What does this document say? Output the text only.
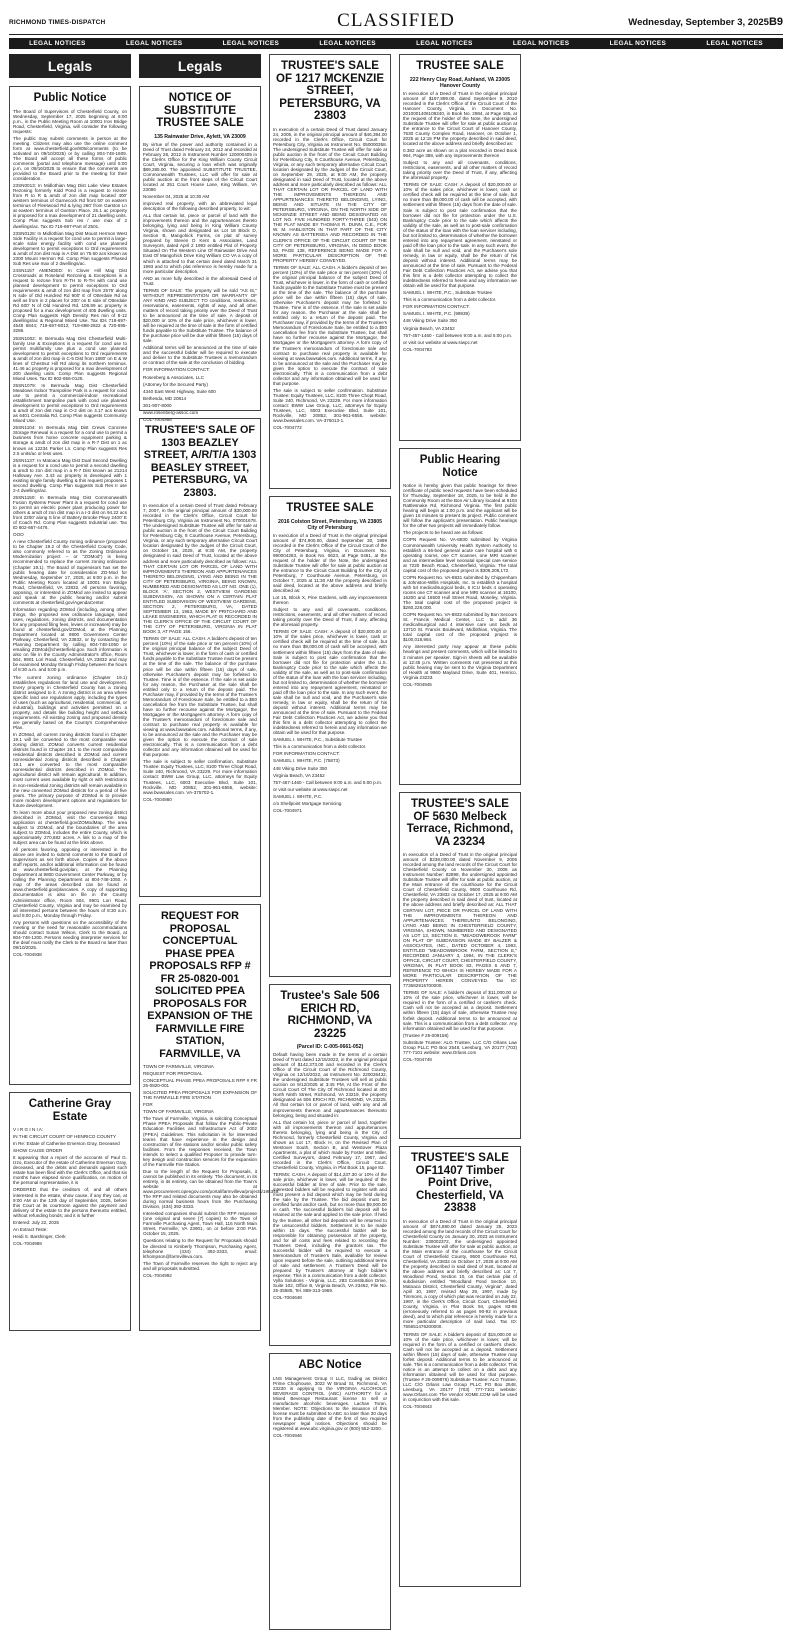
RICHMOND TIMES-DISPATCH	CLASSIFIED	Wednesday, September 3, 2025B9
LEGAL NOTICES	LEGAL NOTICES	LEGAL NOTICES	LEGAL NOTICES	LEGAL NOTICES	LEGAL NOTICES	LEGAL NOTICES	LEGAL NOTICES
Legals
Public Notice

The Board of Supervisors of Chesterfield County, on Wednesday, September 17, 2025 beginning at 6:00 p.m., in the Public Meeting Room at 10001 Iron Bridge Road, Chesterfield, Virginia, will consider the following requests:

The public may submit comments in person at the meeting. Citizens may also use the online comment form at www.chesterfield.gov/805/comments (to be activated on 09/10/2025) or by calling 804-748-1609. The Board will accept all these forms of public comments (portal and telephone message) until 5:00 p.m. on 09/16/2025 to ensure that the comments are provided to the Board prior to the meeting for their consideration.

23SN0013: In Midlothian Mag Dist Lake View Estates Rezoning formerly Kidd Pond is a request to rezone from R to R & amdt of zon dist map located 400' western terminus of Garnecock Rd front 50' on eastern terminus of Fleetwood Rd & lying 260' from Garston Ln at eastern terminus of Garston Place. 25.1 ac property is proposed for a max development of 21 dwelling units. Comp Plan suggests Sub res / use max of 2 dwellings/ac. Tax ID 716-697-Part of 2501.

23SN0128: In Midlothian Mag Dist Mount Hermon West Side Facility is a request for cond use to permit a large-scale solar energy facility with cond use planned development to permit exceptions to Ord requirements & amdt of zon dist map in A Dist on 75.60 acs known as 2300 Mount Hermon Rd. Comp Plan suggests Phased Sub Res use max of 2 dwellings/ac.

24SN1157 AMENDED: In Clover Hill Mag Dist Crossroads at Roseland Rezoning & Exceptions is a request to rezone from R-TH to R-TH with cond use planned development to permit exceptions to Ord requirements & amdt of zon dist map from 2575' along N side of Old Hundred Rd 900' E of Otterdale Rd as well as from in 2 places for 200' on E side of Otterdale Rd 600' N of Old Hundred Rd. 106.99 ac property is proposed for a max development of 405 dwelling units. Comp Plan suggests High Density Res min of 8-12 dwellings/ac & Regional Mixed Use. Tax IDs 718-697-4548 6844; 719-697-8012; 719-698-2822 & 720-695-3286.

25SN1002: In Bermuda Mag Dist Chesterfield Multi-family Use & Exceptions is a request for cond use to permit multifamily use plus a cond use planned development to permit exceptions to Ord requirements & amdt of zon dist map in C-5 Dist from 1880' on E & W lines of Chestnut Hill Rd along its northern terminus. 41.46 ac property is proposed for a max development of 200 dwelling units. Comp Plan suggests Regional Mixed Uses. Tax ID 802-656-0125.

25SN1079: In Bermuda Mag Dist Chesterfield Meadows Indoor Trampoline Park is a request for cond use to permit a commercial-indoor recreational establishment trampoline park with cond use planned development to permit exceptions to Ord requirements & amdt of zon dist map in O-2 dist on 4.17 acs known as 6401 Centralia Rd. Comp Plan suggests Community Mixed Use.

25SN1104: In Bermuda Mag Dist Crews Concrete Storage Renewal is a request for a cond use to permit a business from home concrete equipment parking & storage & amdt of zon dist map in a R-7 Dist on 1 ac known as 12234 Parker Ln. Comp Plan suggests Res 2.5 units/ac or less uses.

25SN1137: In Matoaca Mag Dist Dual Second Dwelling is a request for a cond use to permit a second dwelling & amdt to zon dist map in a R-7 Dist known as 21214 Halloway Ave. 3.43 ac property is developed with 1 existing single family dwelling & this request proposes 1 second dwelling. Comp Plan suggests Sub Res II use 2-4 dwellings/ac.

25SN1150: In Bermuda Mag Dist Commonwealth Fusion Systems Power Plant is a request for cond use to permit an electric power plant producing power for others & amdt of zon dist map in a I-3 dist on 94.22 acs front 2200' along S line of Battery Brooke Pkwy 2400' E of Coach Rd. Comp Plan suggests Industrial use. Tax ID 802-667-4476.

OOO

A new Chesterfield County zoning ordinance (proposed to be Chapter 19.2 of the Chesterfield County Code, also commonly referred to as the Zoning Ordinance Modernization project -- or "ZOMod") is being recommended to replace the current zoning ordinance (Chapter 19.1). The Board of Supervisors has set the public hearing date for consideration ZO-Mod for Wednesday, September 17, 2025, at 6:00 p.m. in the Public Meeting Room located at 10001 Iron Bridge Road, Chesterfield, VA 23832. All persons favoring, opposing, or interested in ZOMod are invited to appear and speak at the public hearing and/or submit comments at chesterfield.gov/AgendaCenter.

Information regarding ZOMod (including, among other things, the proposed new ordinance language, land uses, regulations, zoning districts, and documentation for any proposed filing fees, levies or increases) may be found at chesterfield.gov/ZOMod, at the Planning Department located at 9800 Government Center Parkway, Chesterfield, VA 23832, or by contacting the Planning Department by calling 804-748-1050 or emailing ZOMod@chesterfield.gov. Such information is also on file in the County Administrator's office, Room 504, 9901 Lori Road, Chesterfield, VA 23832 and may be examined Monday through Friday between the hours of 8:30 a.m. and 5:00 p.m.

The current zoning ordinance (Chapter 19.1) establishes regulations for land use and development. Every property in Chesterfield County has a zoning district assigned to it. A zoning district is an area where specific land use regulations apply, including the types of uses (such as agricultural, residential, commercial, or industrial), buildings and activities permitted on a property, and details like building height and setback requirements. All existing zoning and proposed density are generally based on the County's Comprehensive Plan.

In ZOMod, all current zoning districts found in Chapter 19.1 will be converted to the most comparable new zoning district. ZOMod converts current residential districts found in Chapter 19.1 to the most comparable residential districts described in ZOMod and current nonresidential zoning districts described in Chapter 19.1 are converted to the most comparable nonresidential districts described in ZOMod. The agricultural district will remain agricultural. In addition, most current uses available by right or with restrictions in non-residential zoning districts will remain available in the new converted ZOMod districts for a period of five years. The primary purpose of ZOMod is to provide more modern development options and regulations for future development.

To learn more about your proposed new zoning district described in ZOMod, visit the Conversion Map application at chesterfield.gov/ZOModMap. The area subject to ZOMod, and the boundaries of the area subject to ZOMod, includes the entire County, which is approximately 270,682 acres. A link to a map of the subject area can be found at the links above.

All persons favoring, opposing or interested in the above are invited to submit comments to the Board of Supervisors as set forth above. Copies of the above staff reports, and/or additional information can be found at www.chesterfield.gov/plan, at the Planning Department at 9800 Government Center Parkway, or by calling the Planning Department at 804-748-1050. A map of the areas described can be found at www.chesterfield.gov/plancases. A copy of supporting documentation is also on file in the County Administrator office, Room 504, 9901 Lori Road, Chesterfield County, Virginia and may be examined by all interested persons between the hours of 8:30 a.m. and 5:00 p.m., Monday through Friday.

Any persons with questions on the accessibility of the meeting or the need for reasonable accommodations should contact Susan Wilson, Clerk to the Board, at 804-748-1200. Persons needing interpreter services for the deaf must notify the Clerk to the Board no later than 09/10/2025.

COL-7004938
Catherine Gray Estate

V I R G I N I A:

IN THE CIRCUIT COURT OF HENRICO COUNTY

In Re: Estate of Catherine Emerson Gray, Deceased

SHOW CAUSE ORDER

It appearing that a report of the accounts of Paul G. Izzo, Executor of the estate of Catherine Emerson Gray, deceased, and the debts and demands against such estate has been filed with the Clerk's Office, and that six months have elapsed since qualification, on motion of the personal representative, it is

ORDERED that the creditors of, and all others interested in the estate, show cause, if any they can, at 9:00 AM on the 12th day of September, 2025, before this Court at its courtroom against the payment and delivery of the estate to the persons thereunto entitled, without refunding bonds; and it is further

Entered: July 22, 2025

An Extract Teste:

Heidi S. Barshinger, Clerk

COL-7004969
Legals
NOTICE OF SUBSTITUTE TRUSTEE SALE
135 Rainwater Drive, Aylett, VA 23009

By virtue of the power and authority contained in a Deed of Trust dated February 24, 2012 and recorded at February 28, 2012 in Instrument Number 120000405 in the Clerk's Office for the King William County Circuit Court, Virginia, securing a loan which was originally $89,285.00. The appointed SUBSTITUTE TRUSTEE, Commonwealth Trustees, LLC will offer for sale at public auction at the front steps of the Circuit Court located at 351 Court House Lane, King William, VA 23086

November 04, 2025 at 10:30 AM

improved real property, with an abbreviated legal description of the following described property, to wit:

ALL that certain lot, piece or parcel of land with the improvements thereon and the appurtenances thereto belonging, lying and being in King William County Virginia, shown and designated as Lot 18 Block D, Section B, Mangohick Farms, on plat of survey prepared by Steven D Kent & Associates, Land Surveyors, dated April 2 1993 entitled Plat of Property Situated On The Western Line Of Rainwater Drive And East Of Mangohick Drive King William CO VA a copy of which is attached to that certain deed dated March 31 1993 and to which plat reference is hereby made for a more particular description.

AND as more fully described in the aforesaid Deed of Trust.

TERMS OF SALE: The property will be sold "AS IS," WITHOUT REPRESENTATION OR WARRANTY OF ANY KIND AND SUBJECT TO conditions, restrictions, reservations, easements, rights of way, and all other matters of record taking priority over the Deed of Trust to be announced at the time of sale. A deposit of $20,000 or 10% of the sale price, whichever is lower, will be required at the time of sale in the form of certified funds payable to the Substitute Trustee. The balance of the purchase price will be due within fifteen (15) days of sale.

Additional terms will be announced at the time of sale and the successful bidder will be required to execute and deliver to the Substitute Trustees a memorandum or contract of the sale at the conclusion of bidding.

FOR INFORMATION CONTACT:

Rosenberg & Associates, LLC

(Attorney for the Secured Party)

4340 East West Highway, Suite 600

Bethesda, MD 20814

301-907-8000

www.rosenberg-assoc.com

COL-7004956
TRUSTEE'S SALE OF 1303 BEAZLEY STREET, A/R/T/A 1303 BEASLEY STREET, PETERSBURG, VA 23803.

In execution of a certain Deed of Trust dated February 7, 2007, in the original principal amount of $30,000.00 recorded in the Clerk's Office, Circuit Court for Petersburg City, Virginia as Instrument No. 070001678. The undersigned Substitute Trustee will offer for sale at public auction in the front of the Circuit Court Building for Petersburg City, 8 Courthouse Avenue, Petersburg, Virginia, or any such temporary alternative Circuit Court location designated by the Judges of the Circuit Court, on October 16, 2025, at 9:30 AM, the property designated in said Deed of Trust, located at the above address and more particularly described as follows: ALL THAT CERTAIN LOT OR PARCEL OF LAND WITH IMPROVEMENTS THEREON AND APPURTENANCES THERETO BELONGING, LYING AND BEING IN THE CITY OF PETERSBURG, VIRGINIA, BEING KNOWN, NUMBERED AND DESIGNATED AS LOT NO. ONE (1), BLOCK 'A', SECTION 2, WESTVIEW GARDENS SUBDIVISION, AS SHOWN ON A CERTAIN PLAT ENTITLED SUBDIVISION OF WESTVIEW GARDENS, SECTION 2, PETERSBURG, VA, DATED SEPTEMBER 13, 1963, MADE BY PRITCHARD AND LEAKE ENGINEERS, WHICH PLAT IS RECORDED IN THE CLERK'S OFFICE OF THE CIRCUIT COURT OF THE CITY OF PETERSBURG, VIRGINIA IN PLAT BOOK 3, AT PAGE 156.

TERMS OF SALE: ALL CASH. A bidder's deposit of ten percent (10%) of the sale price or ten percent (10%) of the original principal balance of the subject Deed of Trust, whichever is lower, in the form of cash or certified funds payable to the Substitute Trustee must be present at the time of the sale. The balance of the purchase price will be due within fifteen (15) days of sale, otherwise Purchaser's deposit may be forfeited to Trustee. Time is of the essence. If the sale is set aside for any reason, the Purchaser at the sale shall be entitled only to a return of the deposit paid. The Purchaser may, if provided by the terms of the Trustee's Memorandum of Foreclosure Sale, be entitled to a $50 cancellation fee from the Substitute Trustee, but shall have no further recourse against the Mortgagor, the Mortgagee or the Mortgagee's attorney. A form copy of the Trustee's memorandum of foreclosure sale and contract to purchase real property is available for viewing at www.bwwsales.com. Additional terms, if any, to be announced at the sale and the Purchaser may be given the option to execute the contract of sale electronically. This is a communication from a debt collector and any information obtained will be used for that purpose.

The sale is subject to seller confirmation. Substitute Trustee: Equity Trustees, LLC, 8100 Three Chopt Road, Suite 240, Richmond, VA 23229. For more information contact: BWW Law Group, LLC, attorneys for Equity Trustees, LLC, 6003 Executive Blvd, Suite 101, Rockville, MD 20852, 301-961-6555, website: www.bwwsales.com. VA-375702-1.

COL-7004860
REQUEST FOR PROPOSAL CONCEPTUAL PHASE PPEA PROPOSALS RFP # FR 25-0820-001 SOLICITED PPEA PROPOSALS FOR EXPANSION OF THE FARMVILLE FIRE STATION, FARMVILLE, VA

TOWN OF FARMVILLE, VIRGINIA

REQUEST FOR PROPOSAL

CONCEPTUAL PHASE PPEA PROPOSALS RFP # FR 25-0820-001

SOLICITED PPEA PROPOSALS FOR EXPANSION OF THE FARMVILLE FIRE STATION

FOR

TOWN OF FARMVILLE, VIRGINIA

The Town of Farmville, Virginia, is soliciting Conceptual Phase PPEA Proposals that follow the Public-Private Education Facilities and Infrastructure Act of 2002 (PPEA) Guidelines. This solicitation is for interested teams that have experience in the design and construction of fire stations and/or similar public safety facilities. From the responses received, the Town intends to select a qualified Proposer to provide turn-key design and construction services for the expansion of the Farmville Fire Station.

Due to the length of the Request for Proposals, it cannot be published in its entirety. The document, in its entirety, in its entirety, can be obtained from the Town's website at www.procurement.opengov.com/portal/farmvilleva/projects/195349. The RFP and related documents may also be obtained during normal business hours from the Purchasing Division, (434) 392-3333.

Interested companies should submit the RFP response (one original and seven [7] copies) to the Town of Farmville Purchasing Agent, Town Hall, 116 North Main Street, Farmville, VA 23901, on or before 2:00 P.M. October 15, 2025.

Questions relating to the Request for Proposals should be directed to Kimberly Thompson, Purchasing Agent, telephone (434) 392-3333, email: kthompson@farmvilleva.com.

The Town of Farmville reserves the right to reject any and all proposals submitted.

COL-7004992
TRUSTEE'S SALE OF 1217 MCKENZIE STREET, PETERSBURG, VA 23803

In execution of a certain Deed of Trust dated January 24, 2005, in the original principal amount of $46,394.00 recorded in the Clerk's Office, Circuit Court for Petersburg City, Virginia as Instrument No. 050000358. The undersigned Substitute Trustee will offer for sale at public auction in the front of the Circuit Court Building for Petersburg City, 8 Courthouse Avenue, Petersburg, Virginia, or any such temporary alternative Circuit Court location designated by the Judges of the Circuit Court, on September 29, 2025, at 9:00 AM, the property designated in said Deed of Trust, located at the above address and more particularly described as follows: ALL THAT CERTAIN LOT OR PARCEL OF LAND WITH THE IMPROVEMENTS THEREON AND APPURTENANCES THERETO BELONGING, LYING, BEING AND SITUATE IN THE CITY OF PETERSBURG, VIRGINIA, ON THE NORTH SIDE OF MCKENZIE STREET AND BEING DESIGNATED AS LOT NO. FIVE HUNDRED FORTY-THREE (543) ON THE PLAT MADE BY THOMAS R. DUNN, C.E., FOR W. M. HABLISTON IN THAT PART OF THE CITY KNOWN AS BATTERSEA AND RECORDED IN THE CLERK'S OFFICE OF THE CIRCUIT COURT OF THE CITY OF PETERSBURG, VIRGINIA, IN DEED BOOK 53, PAGE 138, REFERENCE BEING MADE FOR A MORE PARTICULAR DESCRIPTION OF THE PROPERTY HEREBY CONVEYED.

TERMS OF SALE: ALL CASH. A bidder's deposit of ten percent (10%) of the sale price or ten percent (10%) of the original principal balance of the subject Deed of Trust, whichever is lower, in the form of cash or certified funds payable to the Substitute Trustee must be present at the time of the sale. The balance of the purchase price will be due within fifteen (15) days of sale, otherwise Purchaser's deposit may be forfeited to Trustee. Time is of the essence. If the sale is set aside for any reason, the Purchaser at the sale shall be entitled only to a return of the deposit paid. The Purchaser may, if provided by the terms of the Trustee's Memorandum of Foreclosure Sale, be entitled to a $50 cancellation fee from the Substitute Trustee, but shall have no further recourse against the Mortgagor, the Mortgagee or the Mortgagee's attorney. A form copy of the Trustee's memorandum of foreclosure sale and contract to purchase real property is available for viewing at www.bwwsales.com. Additional terms, if any, to be announced at the sale and the Purchaser may be given the option to execute the contract of sale electronically. This is a communication from a debt collector and any information obtained will be used for that purpose.

The sale is subject to seller confirmation. Substitute Trustee: Equity Trustees, LLC, 8100 Three Chopt Road, Suite 240, Richmond, VA 23229. For more information contact: BWW Law Group, LLC, attorneys for Equity Trustees, LLC, 6003 Executive Blvd, Suite 101, Rockville, MD 20852, 301-961-6555, website: www.bwwsales.com. VA-376013-1.

COL-7004772
TRUSTEE SALE
2016 Colston Street, Petersburg, VA 23805 City of Petersburg

In execution of a Deed of Trust in the original principal amount of $74,900.00, dated September 30, 1999 recorded in the Clerk's Office of the Circuit Court of the City of Petersburg, Virginia, in Document No. 990004283, in Book No. 0623, at Page 0461, at the request of the holder of the Note, the undersigned Substitute Trustee will offer for sale at public auction at the entrance to the Circuit Court Building for the City of Petersburg, 7 Courthouse Avenue, Petersburg, on October 7, 2025 at 11:30 AM the property described in said deed, located at the above address and briefly described as:

Lot 15, Block X, Pine Gardens, with any improvements thereon

Subject to any and all covenants, conditions, restrictions, easements, and all other matters of record taking priority over the Deed of Trust, if any, affecting the aforesaid property.

TERMS OF SALE: CASH: A deposit of $20,000.00 or 10% of the sales price, whichever is lower, cash or certified check will be required at the time of sale, but no more than $9,000.00 of cash will be accepted, with settlement within fifteen (15) days from the date of sale. Sale is subject to post sale confirmation that the borrower did not file for protection under the U.S. Bankruptcy Code prior to the sale which affects the validity of the sale, as well as to post-sale confirmation of the status of the loan with the loan servicer including, but not limited to, determination of whether the borrower entered into any repayment agreement, reinstated or paid off the loan prior to the sale. In any such event, the sale shall be null and void, and the Purchaser's sole remedy, in law or equity, shall be the return of his deposit without interest. Additional terms may be announced at the time of sale. Pursuant to the Federal Fair Debt Collection Practices Act, we advise you that this firm is a debt collector attempting to collect the indebtedness referred to herein and any information we obtain will be used for that purpose.

SAMUEL I. WHITE, P.C., Substitute Trustee

This is a communication from a debt collector.

FOR INFORMATION CONTACT:

SAMUEL I. WHITE, P.C. (75873)

448 Viking Drive Suite 350

Virginia Beach, VA 23452

757-457-1460 - Call between 9:00 a.m. and 5:00 p.m.

or visit our website at www.siwpc.net

SAMUEL I. WHITE, P.C.

c/o Shellpoint Mortgage Servicing

COL-7004971
Trustee's Sale 506 ERICH RD, RICHMOND, VA 23225
(Parcel ID: C-005-0661-052)

Default having been made in the terms of a certain Deed of Trust dated 12/15/2022, in the original principal amount of $142,373.00 and recorded in the Clerk's Office of the Circuit Court of the Richmond County, Virginia on 12/16/2022, as Instrument No. 220026432, the undersigned Substitute Trustees will sell at public auction on 9/12/2025 at 3:45 PM, At the Front of the Circuit Court Of The City Of Richmond located at 400 North Ninth Street, Richmond, VA 23219, the property designated as 506 ERICH RD, RICHMOND, VA 23225. All that certain lot or parcel of land, with any and all improvements thereon and appurtenances thereunto belonging, being and situated in:

ALL that certain lot, piece or parcel of land, together with all improvements thereon and appurtenances thereto belonging, lying and being in the City of Richmond, formerly Chesterfield County, Virginia and shown as Lot 17, Block H, on the Revised Plan of Westover South, Section B, and Westover Plaza Apartments, a plat of which made by Foster and Miller, Certified Surveyors, dated February 17, 1967, and recorded in the Clerk's Office, Circuit Court, Chesterfield County, Virginia, in Plat Book 15, page 82.

TERMS: CASH. A deposit of $14,237.30 or 10% of the sale price, whichever is lower, will be required of the successful bidder at time of sale. Prior to the sale, interested bidders will be required to register with and must present a bid deposit which may be held during the sale by the Trustee. The bid deposit must be certified funds and/or cash, but no more than $9,000.00 in cash. The successful bidder's bid deposit will be retained at the sale and applied to the sale price. If held by the trustee, all other bid deposits will be returned to the unsuccessful bidders. Settlement is to be made within 15 days. The successful bidder will be responsible for obtaining possession of the property, and for all costs and fees related to recording the Trustees Deed, including the grantors tax. The successful bidder will be required to execute a Memorandum of Trustee's Sale, available for review upon request before the sale, outlining additional terms of sale and settlement. A Trustee's Deed will be prepared by Trustee's attorney at high bidder's expense. This is a communication from a debt collector. Vylla Solutions - Virginia, LLC, 283 Constitution Drive, Suite 102, Office B, Virginia Beach, VA 23462, File No. 25-35585, Tel. 888-313-1969.

COL-7004648
ABC Notice

LNS Management Group II LLC, trading as District Prime Chophouse, 3022 W Broad St, Richmond, VA 23230 is applying to the VIRGINIA ALCOHOLIC BEVERAGE CONTROL (ABC) AUTHORITY for a Mixed Beverage Restaurant license to sell or manufacture alcoholic beverages. Lachan Toran, Member. NOTE: Objections to the issuance of this license must be submitted to ABC no later than 30 days from the publishing date of the first of two required newspaper legal notices. Objections should be registered at www.abc.virginia.gov or (800) 552-3200.

COL-7004946
TRUSTEE SALE
222 Henry Clay Road, Ashland, VA 23005 Hanover County

In execution of a Deed of Trust in the original principal amount of $197,899.00, dated September 9, 2010 recorded in the Clerk's Office of the Circuit Court of the Hanover County, Virginia, in Document No. 2010001406108240, in Book No. 2984, at Page 165, at the request of the holder of the Note, the undersigned Substitute Trustee will offer for sale at public auction at the entrance to the Circuit Court of Hanover County, 7530 County Complex Road, Hanover, on October 1, 2025 at 12:15 PM the property described in said deed, located at the above address and briefly described as:

0.382 acre as shown on a plat recorded in Deed Book 964, Page 388, with any improvements thereon

Subject to any and all covenants, conditions, restrictions, easements, and all other matters of record taking priority over the Deed of Trust, if any, affecting the aforesaid property.

TERMS OF SALE: CASH: A deposit of $20,000.00 or 10% of the sales price, whichever is lower, cash or certified check will be required at the time of sale, but no more than $9,000.00 of cash will be accepted, with settlement within fifteen (15) days from the date of sale. Sale is subject to post sale confirmation that the borrower did not file for protection under the U.S. Bankruptcy Code prior to the sale which affects the validity of the sale, as well as to post-sale confirmation of the status of the loan with the loan servicer including, but not limited to, determination of whether the borrower entered into any repayment agreement, reinstated or paid off the loan prior to the sale. In any such event, the sale shall be null and void, and the Purchaser's sole remedy, in law or equity, shall be the return of his deposit without interest. Additional terms may be announced at the time of sale. Pursuant to the Federal Fair Debt Collection Practices Act, we advise you that this firm is a debt collector attempting to collect the indebtedness referred to herein and any information we obtain will be used for that purpose.

SAMUEL I. WHITE, P.C., Substitute Trustee

This is a communication from a debt collector.

FOR INFORMATION CONTACT:

SAMUEL I. WHITE, P.C. (99939)

448 Viking Drive Suite 350

Virginia Beach, VA 23452

757-457-1460 - Call between 9:00 a.m. and 5:00 p.m.

or visit our website at www.siwpc.net

COL-7004783
Public Hearing Notice

Notice is hereby given that public hearings for three certificate of public need requests have been scheduled for Thursday, September 18, 2025, to be held in the Community Room at the Bon Air Library located at 9103 Rattlesnake Rd, Richmond Virginia. The first public hearing will begin at 1:00 p.m. and the applicant will be given 15 minutes to present its project. Public comment will follow the applicant's presentation. Public hearings for the other two projects will immediately follow.

The projects to be heard are as follows:

COPN Request No. VA-8830 submitted by Virginia Commonwealth University Health System Authority to establish a 66-bed general acute care hospital with 6 operating rooms, one CT scanner, one MRI scanner and an intermediate level neonatal special care service at 7220 Beach Road, Chesterfield, Virginia. The total capital cost of the proposed project is $306,206,172.

COPN Request No. VA-8831 submitted by Chippenham & Johnston-Willis Hospitals, Inc. to establish a hospital with 54 medical/surgical beds, 6 ICU beds 4 operating rooms one CT scanner and one MRI scanner at 16100, 16200 and 16500 Hull Street Road, Moseley, Virginia. The total capital cost of the proposed project is $260,228,000.

COPN Request No. VA-8832 submitted by Bon Secours St. Francis Medical Center, LLC to add 36 medical/surgical and 4 intensive care unit beds at 13710 St. Francis Boulevard, Midlothian, Virginia. The total capital cost of the proposed project is $100,018,984.

Any interested party may appear at these public hearings and present comments, which will be limited to 3 minutes per speaker. Sign-in sheets will be available at 12:45 p.m. Written comments not presented at this public hearing may be sent to the Virginia Department of Health at 9960 Mayland Drive, Suite 401, Henrico, Virginia 23233.

COL-7004945
TRUSTEE'S SALE OF 5630 Melbeck Terrace, Richmond, VA 23234

In execution of a Deed of Trust in the original principal amount of $239,000.00 dated November 9, 2006 recorded among the land records of the Circuit Court for Chesterfield County on November 30, 2006 as Instrument Number: 82898, the undersigned appointed Substitute Trustee will offer for sale at public auction, at the Main entrance of the courthouse for the Circuit Court of Chesterfield County, 9500 Courthouse Rd, Chesterfield, VA 23832 on October 17, 2025 at 9:00 AM the property described in said deed of trust, located at the above address and briefly described as: ALL THAT CERTAIN LOT, PIECE OR PARCEL OF LAND WITH THE IMPROVEMENTS THEREON AND APPURTENANCES THEREUNTO BELONGING, LYING AND BEING IN CHESTERFIELD COUNTY, VIRGINIA, SHOWN, NUMBERED AND DESIGNATED AS LOT 13, SECTION E, "MEADOWBROOK FARM" ON PLAT OF SUBDIVISION MADE BY BALZER & ASSOCIATES, INC., DATED OCTOBER 4, 1993, ENTITLED "MEADOWBROOK FARM, SECTION E," RECORDED JANUARY 3, 1994, IN THE CLERK'S OFFICE, CIRCUIT COURT, CHESTERFIELD COUNTY, VIRGINIA, IN PLAT BOOK 83, PAGES 6 AND 7, REFERENCE TO WHICH IS HEREBY MADE FOR A MORE PARTICULAR DESCRIPTION OF THE PROPERTY HEREIN CONVEYED. Tax ID: 773682915700000.

TERMS OF SALE: A bidder's deposit of $11,000.00 or 10% of the sale price, whichever is lower, will be required in the form of a certified or cashier's check. Cash will not be accepted as a deposit. Settlement within fifteen (15) days of sale, otherwise Trustee may forfeit deposit. Additional terms to be announced at sale. This is a communication from a debt collector. Any information obtained will be used for that purpose.

(Trustee # 25-009158)

Substitute Trustee: ALG Trustee, LLC C/O Orlans Law Group PLLC PO Box 2548, Leesburg, VA 20177 (703) 777-7101 website: www.Orlans.com

COL-7004749
TRUSTEE'S SALE OF11407 Timber Point Drive, Chesterfield, VA 23838

In execution of a Deed of Trust in the original principal amount of $674,880.00 dated January 25, 2023 recorded among the land records of the Circuit Court for Chesterfield County on January 30, 2023 as Instrument Number: 230002372, the undersigned appointed Substitute Trustee will offer for sale at public auction, at the Main entrance of the courthouse for the Circuit Court of Chesterfield County, 9500 Courthouse Rd, Chesterfield, VA 23832 on October 17, 2025 at 9:00 AM the property described in said deed of trust, located at the above address and briefly described as: Lot 7, Woodland Pond, Section 10, on that certain plat of subdivision entitled "Woodland Pond Section 10, Matoaca District, Chesterfield County, Virginia", dated April 10, 1997, revised May 29, 1997, made by Timmons, a copy of which plat was recorded on July 22, 1997, in the Clerk's Office, Circuit Court, Chesterfield County, Virginia, in Plat Book 94, pages 83-85 (erroneously referred to as pages 90-92 in previous deed), and to which plat reference is hereby made for a more particular description of said land. Tax ID: 755651476200000.

TERMS OF SALE: A bidder's deposit of $15,000.00 or 10% of the sale price, whichever is lower, will be required in the form of a certified or cashier's check. Cash will not be accepted as a deposit. Settlement within fifteen (15) days of sale, otherwise Trustee may forfeit deposit. Additional terms to be announced at sale. This is a communication from a debt collector. This notice is an attempt to collect on a debt and any information obtained will be used for that purpose. (Trustee # 25-009876) Substitute Trustee: ALG Trustee, LLC C/O Orlans Law Group PLLC PO Box 2548, Leesburg, VA 20177 (703) 777-7101 website: www.Orlans.com The Vendor XOME.COM will be used in conjunction with this sale.

COL-7004843
